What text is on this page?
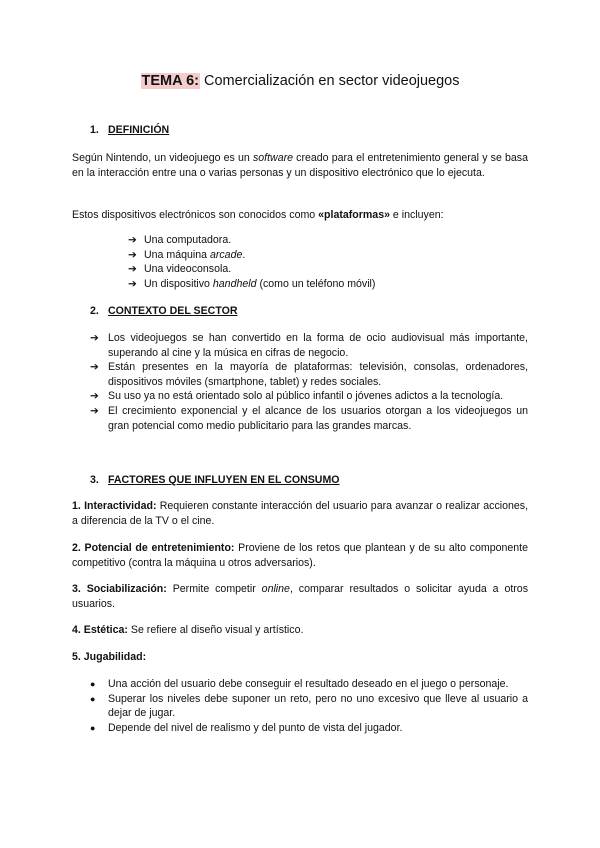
TEMA 6: Comercialización en sector videojuegos
1. DEFINICIÓN
Según Nintendo, un videojuego es un software creado para el entretenimiento general y se basa en la interacción entre una o varias personas y un dispositivo electrónico que lo ejecuta.
Estos dispositivos electrónicos son conocidos como «plataformas» e incluyen:
➔ Una computadora.
➔ Una máquina arcade.
➔ Una videoconsola.
➔ Un dispositivo handheld (como un teléfono móvil)
2. CONTEXTO DEL SECTOR
➔ Los videojuegos se han convertido en la forma de ocio audiovisual más importante, superando al cine y la música en cifras de negocio.
➔ Están presentes en la mayoría de plataformas: televisión, consolas, ordenadores, dispositivos móviles (smartphone, tablet) y redes sociales.
➔ Su uso ya no está orientado solo al público infantil o jóvenes adictos a la tecnología.
➔ El crecimiento exponencial y el alcance de los usuarios otorgan a los videojuegos un gran potencial como medio publicitario para las grandes marcas.
3. FACTORES QUE INFLUYEN EN EL CONSUMO
1. Interactividad: Requieren constante interacción del usuario para avanzar o realizar acciones, a diferencia de la TV o el cine.
2. Potencial de entretenimiento: Proviene de los retos que plantean y de su alto componente competitivo (contra la máquina u otros adversarios).
3. Sociabilización: Permite competir online, comparar resultados o solicitar ayuda a otros usuarios.
4. Estética: Se refiere al diseño visual y artístico.
5. Jugabilidad:
● Una acción del usuario debe conseguir el resultado deseado en el juego o personaje.
● Superar los niveles debe suponer un reto, pero no uno excesivo que lleve al usuario a dejar de jugar.
● Depende del nivel de realismo y del punto de vista del jugador.
